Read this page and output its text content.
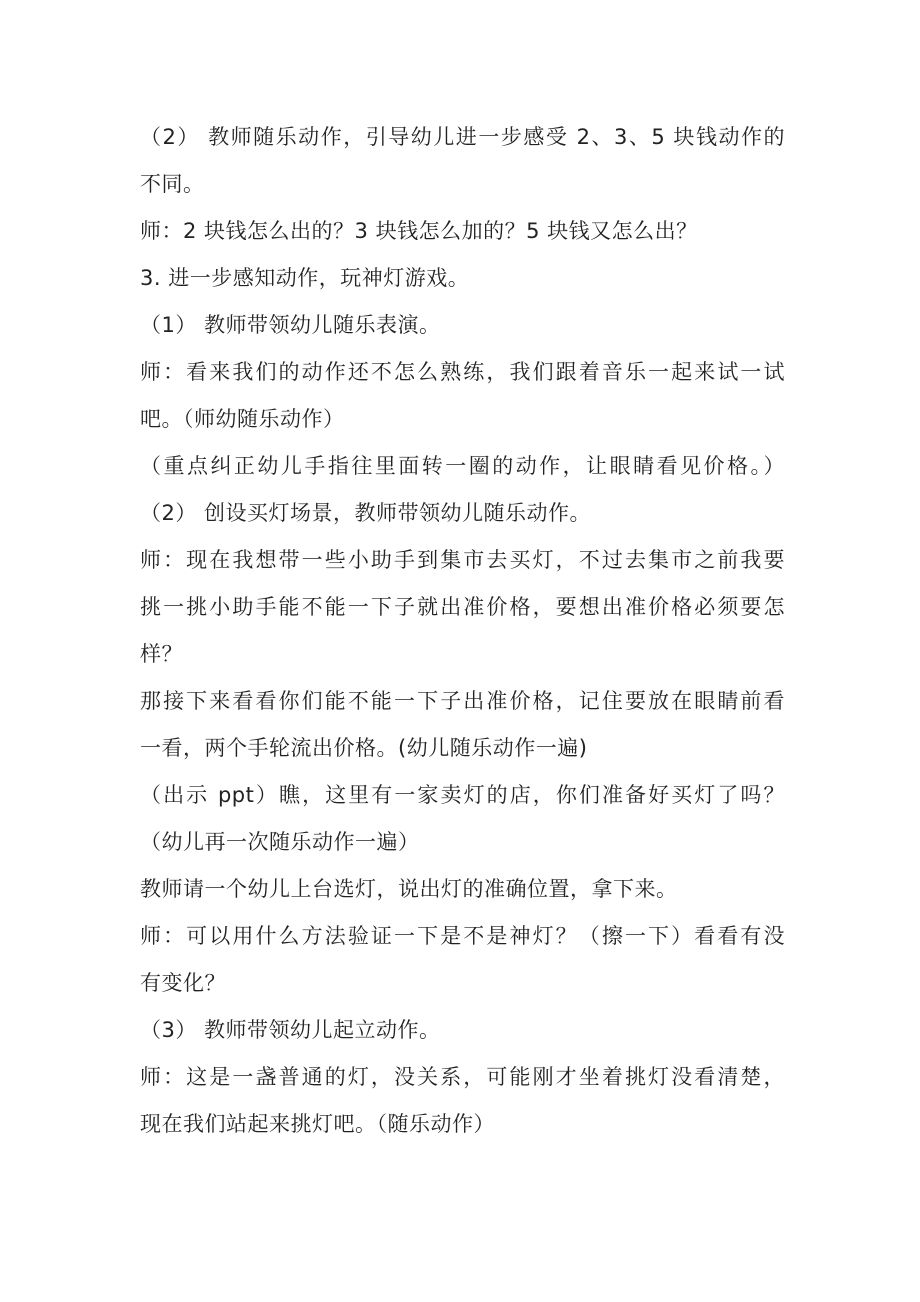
（2） 教师随乐动作，引导幼儿进一步感受 2、3、5 块钱动作的
不同。
师：2 块钱怎么出的？3 块钱怎么加的？5 块钱又怎么出？
3. 进一步感知动作，玩神灯游戏。
（1） 教师带领幼儿随乐表演。
师：看来我们的动作还不怎么熟练，我们跟着音乐一起来试一试
吧。（师幼随乐动作）
（重点纠正幼儿手指往里面转一圈的动作，让眼睛看见价格。）
（2） 创设买灯场景，教师带领幼儿随乐动作。
师：现在我想带一些小助手到集市去买灯，不过去集市之前我要
挑一挑小助手能不能一下子就出准价格，要想出准价格必须要怎
样？
那接下来看看你们能不能一下子出准价格，记住要放在眼睛前看
一看，两个手轮流出价格。(幼儿随乐动作一遍)
（出示 ppt）瞧，这里有一家卖灯的店，你们准备好买灯了吗？
（幼儿再一次随乐动作一遍）
教师请一个幼儿上台选灯，说出灯的准确位置，拿下来。
师：可以用什么方法验证一下是不是神灯？（擦一下）看看有没
有变化？
（3） 教师带领幼儿起立动作。
师：这是一盏普通的灯，没关系，可能刚才坐着挑灯没看清楚，
现在我们站起来挑灯吧。（随乐动作）
